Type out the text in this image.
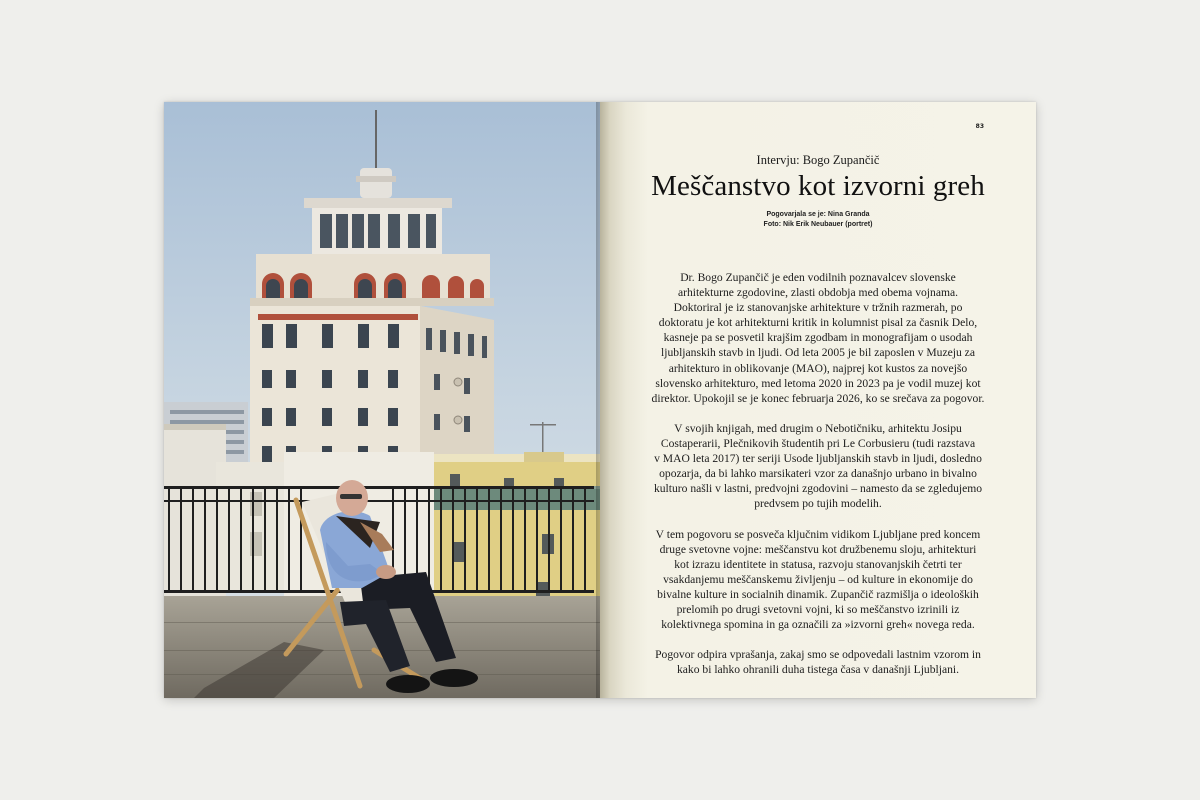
83
Intervju: Bogo Zupančič
Meščanstvo kot izvorni greh
Pogovarjala se je: Nina Granda
Foto: Nik Erik Neubauer (portret)

Dr. Bogo Zupančič je eden vodilnih poznavalcev slovenske
arhitekturne zgodovine, zlasti obdobja med obema vojnama.
Doktoriral je iz stanovanjske arhitekture v tržnih razmerah, po
doktoratu je kot arhitekturni kritik in kolumnist pisal za časnik Delo,
kasneje pa se posvetil krajšim zgodbam in monografijam o usodah
ljubljanskih stavb in ljudi. Od leta 2005 je bil zaposlen v Muzeju za
arhitekturo in oblikovanje (MAO), najprej kot kustos za novejšo
slovensko arhitekturo, med letoma 2020 in 2023 pa je vodil muzej kot
direktor. Upokojil se je konec februarja 2026, ko se srečava za pogovor.

V svojih knjigah, med drugim o Nebotičniku, arhitektu Josipu
Costaperarii, Plečnikovih študentih pri Le Corbusieru (tudi razstava
v MAO leta 2017) ter seriji Usode ljubljanskih stavb in ljudi, dosledno
opozarja, da bi lahko marsikateri vzor za današnjo urbano in bivalno
kulturo našli v lastni, predvojni zgodovini – namesto da se zgledujemo
predvsem po tujih modelih.

V tem pogovoru se posveča ključnim vidikom Ljubljane pred koncem
druge svetovne vojne: meščanstvu kot družbenemu sloju, arhitekturi
kot izrazu identitete in statusa, razvoju stanovanjskih četrti ter
vsakdanjemu meščanskemu življenju – od kulture in ekonomije do
bivalne kulture in socialnih dinamik. Zupančič razmišlja o ideoloških
prelomih po drugi svetovni vojni, ki so meščanstvo izrinili iz
kolektivnega spomina in ga označili za »izvorni greh« novega reda.

Pogovor odpira vprašanja, zakaj smo se odpovedali lastnim vzorom in
kako bi lahko ohranili duha tistega časa v današnji Ljubljani.
